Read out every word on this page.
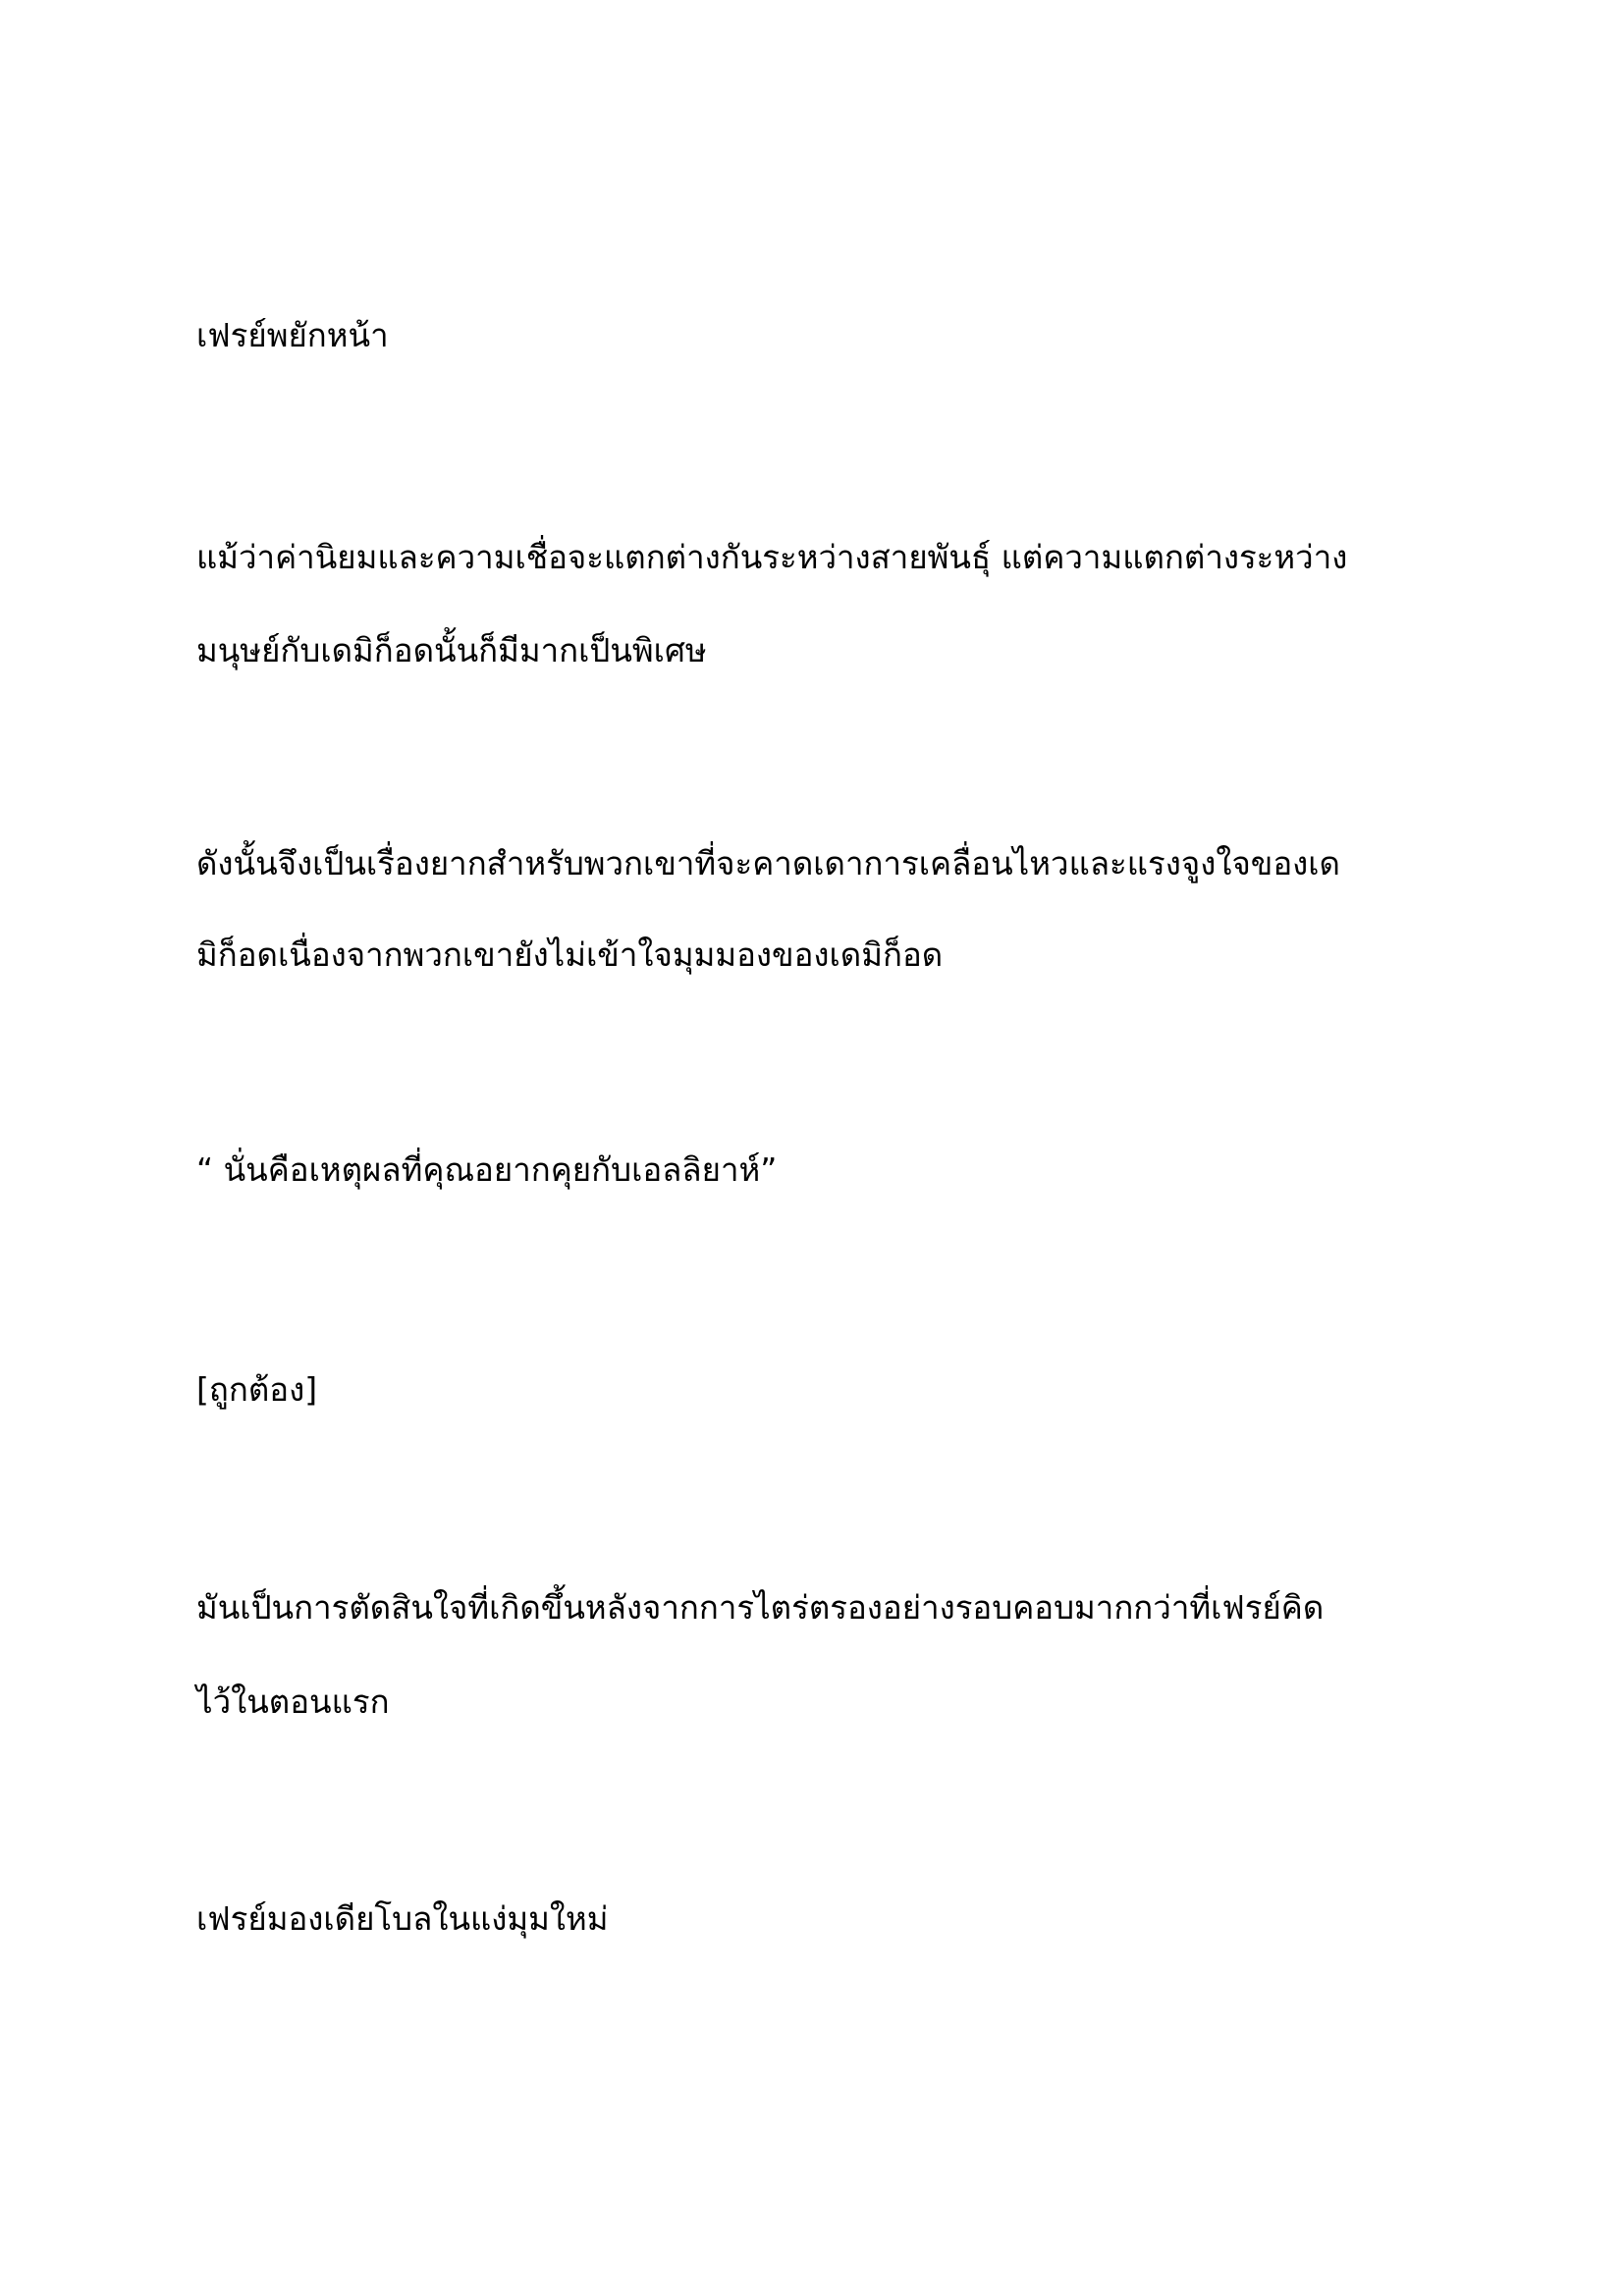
เฟรย์พยักหน้า
แม้ว่าค่านิยมและความเชื่อจะแตกต่างกันระหว่างสายพันธุ์ แต่ความแตกต่างระหว่าง
มนุษย์กับเดมิก็อดนั้นก็มีมากเป็นพิเศษ
ดังนั้นจึงเป็นเรื่องยากสำหรับพวกเขาที่จะคาดเดาการเคลื่อนไหวและแรงจูงใจของเด
มิก็อดเนื่องจากพวกเขายังไม่เข้าใจมุมมองของเดมิก็อด
“ นั่นคือเหตุผลที่คุณอยากคุยกับเอลลิยาห์”
[ถูกต้อง]
มันเป็นการตัดสินใจที่เกิดขึ้นหลังจากการไตร่ตรองอย่างรอบคอบมากกว่าที่เฟรย์คิด
ไว้ในตอนแรก
เฟรย์มองเดียโบลในแง่มุมใหม่
